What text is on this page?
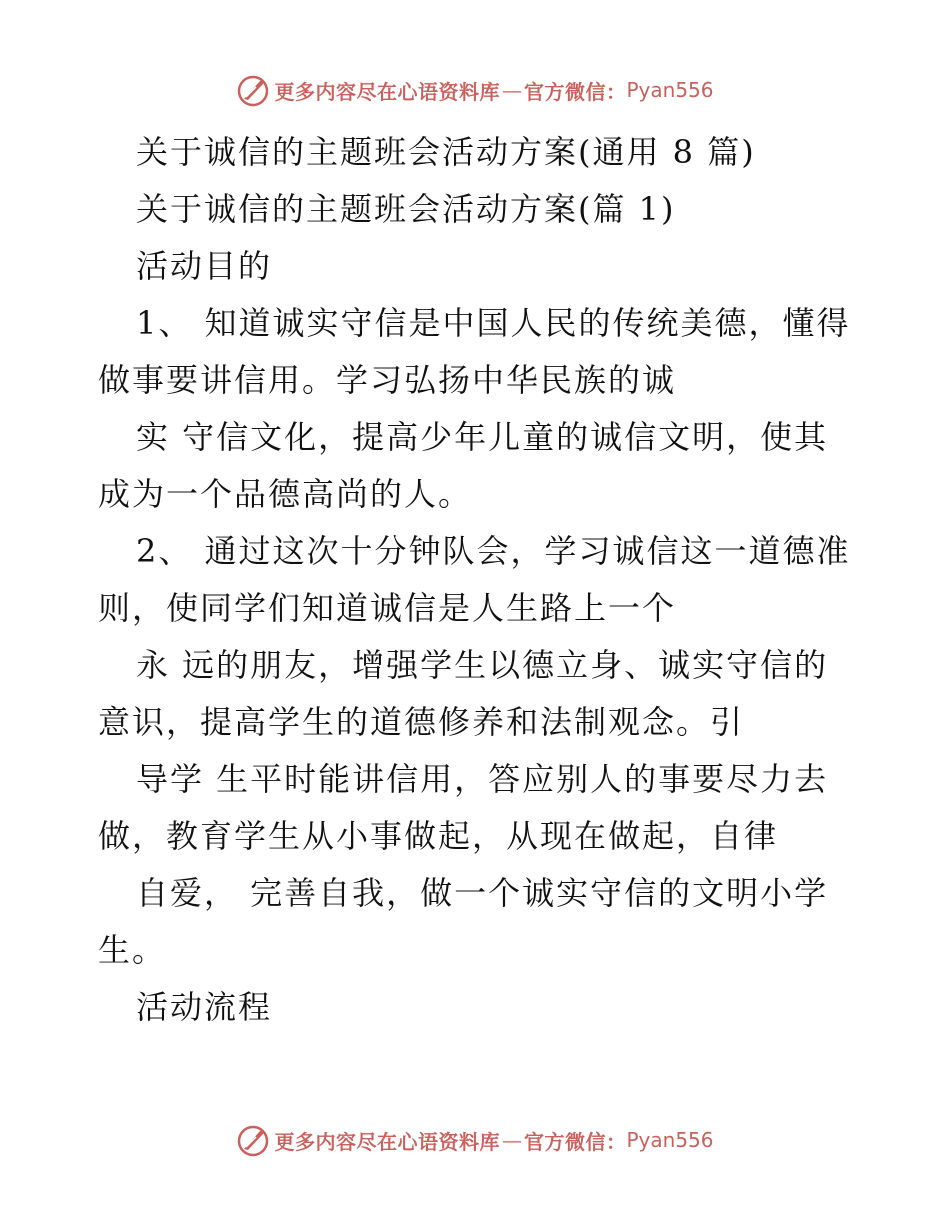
更多内容尽在心语资料库 — 官方微信： Pyan556
关于诚信的主题班会活动方案(通用 8 篇)
关于诚信的主题班会活动方案(篇 1)
活动目的
1、 知道诚实守信是中国人民的传统美德，懂得
做事要讲信用。学习弘扬中华民族的诚
实 守信文化，提高少年儿童的诚信文明，使其
成为一个品德高尚的人。
2、 通过这次十分钟队会，学习诚信这一道德准
则，使同学们知道诚信是人生路上一个
永 远的朋友，增强学生以德立身、诚实守信的
意识，提高学生的道德修养和法制观念。引
导学 生平时能讲信用，答应别人的事要尽力去
做，教育学生从小事做起，从现在做起，自律
自爱， 完善自我，做一个诚实守信的文明小学
生。
活动流程
更多内容尽在心语资料库 — 官方微信： Pyan556
